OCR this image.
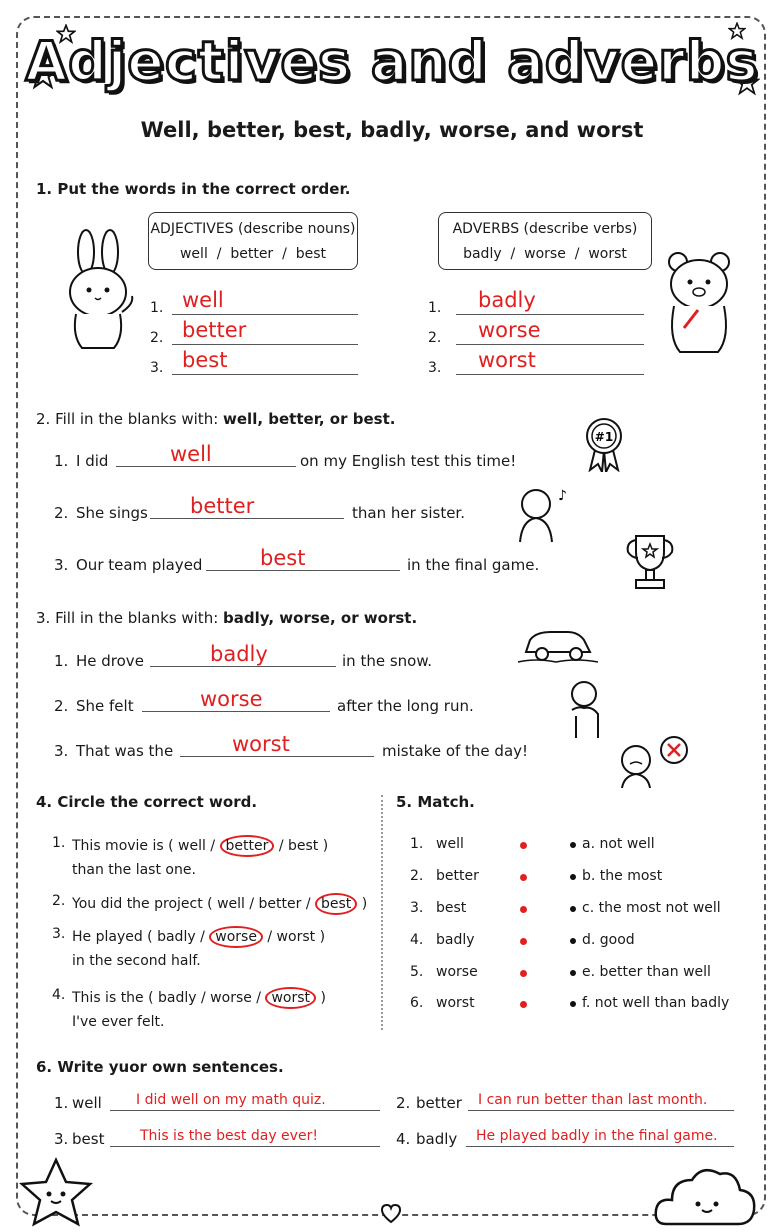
Adjectives and adverbs
Well, better, best, badly, worse, and worst
1. Put the words in the correct order.
ADJECTIVES (describe nouns)
well  /  better  /  best
ADVERBS (describe verbs)
badly  /  worse  /  worst
1. well
2. better
3. best
1. badly
2. worse
3. worst
2. Fill in the blanks with: well, better, or best.
#1
♪
1. I did	well	on my English test this time!
2. She sings better	than her sister.
3. Our team played	best	in the final game.
3. Fill in the blanks with: badly, worse, or worst.
1. He drove	badly	in the snow.
2. She felt	worse	after the long run.
3. That was the	worst	mistake of the day!
4. Circle the correct word.	5. Match.
1. This movie is ( well / better / best )
than the last one.
2. You did the project ( well / better / best )
3. He played ( badly / worse / worst )
in the second half.
4. This is the ( badly / worse / worst )
I've ever felt.
1. well	a. not well
2. better	b. the most
3. best	c. the most not well
4. badly	d. good
5. worse	e. better than well
6. worst	f. not well than badly
6. Write yuor own sentences.
1. well I did well on my math quiz.	2. better I can run better than last month.
3. best	This is the best day ever!	4. badly He played badly in the final game.
